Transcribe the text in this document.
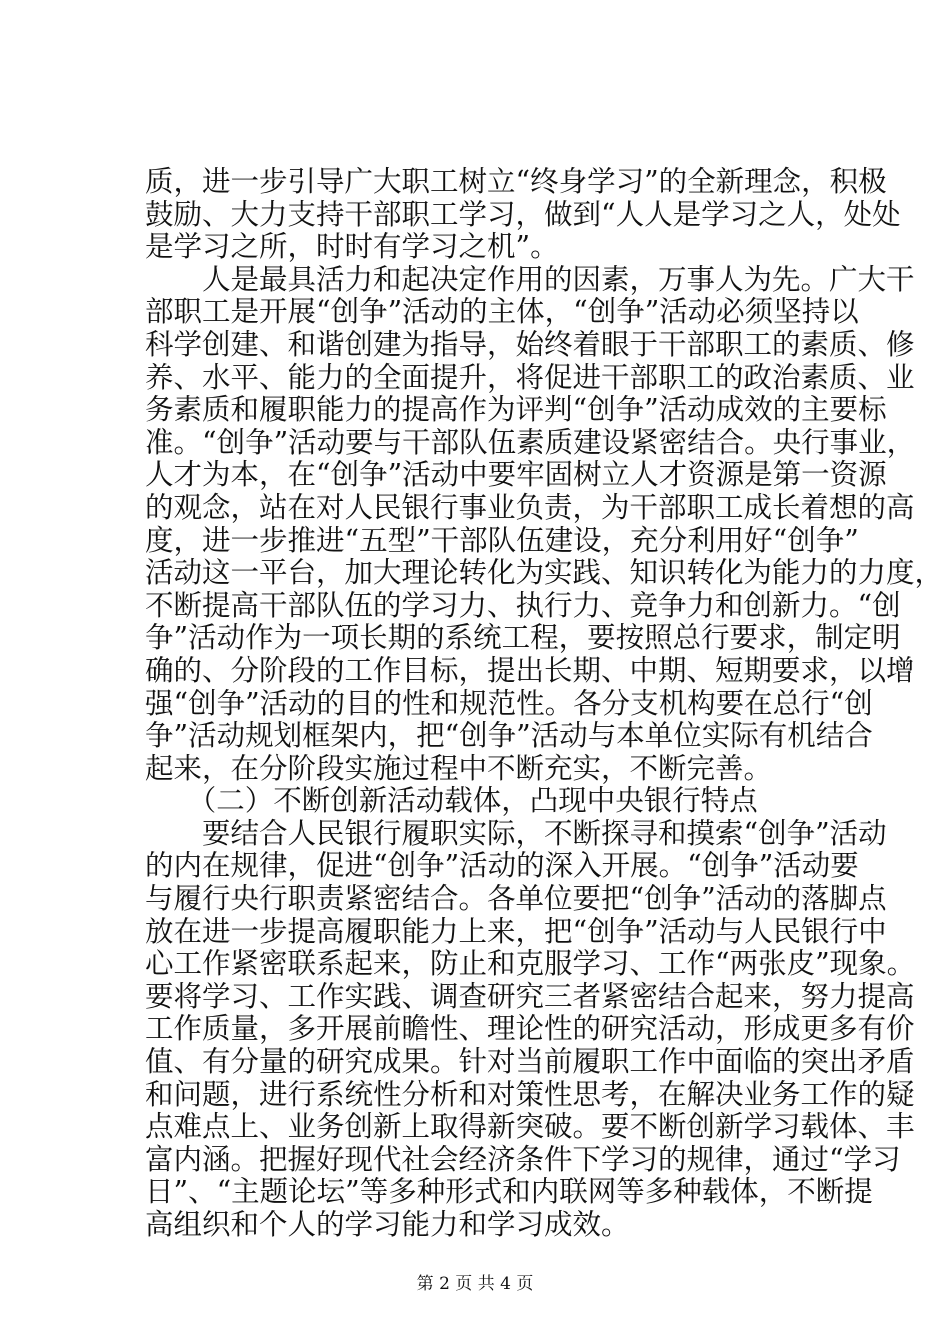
质，进一步引导广大职工树立“终身学习”的全新理念，积极
鼓励、大力支持干部职工学习，做到“人人是学习之人，处处
是学习之所，时时有学习之机”。
　　人是最具活力和起决定作用的因素，万事人为先。广大干
部职工是开展“创争”活动的主体，“创争”活动必须坚持以
科学创建、和谐创建为指导，始终着眼于干部职工的素质、修
养、水平、能力的全面提升，将促进干部职工的政治素质、业
务素质和履职能力的提高作为评判“创争”活动成效的主要标
准。“创争”活动要与干部队伍素质建设紧密结合。央行事业，
人才为本，在“创争”活动中要牢固树立人才资源是第一资源
的观念，站在对人民银行事业负责，为干部职工成长着想的高
度，进一步推进“五型”干部队伍建设，充分利用好“创争”
活动这一平台，加大理论转化为实践、知识转化为能力的力度，
不断提高干部队伍的学习力、执行力、竞争力和创新力。“创
争”活动作为一项长期的系统工程，要按照总行要求，制定明
确的、分阶段的工作目标，提出长期、中期、短期要求，以增
强“创争”活动的目的性和规范性。各分支机构要在总行“创
争”活动规划框架内，把“创争”活动与本单位实际有机结合
起来，在分阶段实施过程中不断充实，不断完善。
　　（二）不断创新活动载体，凸现中央银行特点
　　要结合人民银行履职实际，不断探寻和摸索“创争”活动
的内在规律，促进“创争”活动的深入开展。“创争”活动要
与履行央行职责紧密结合。各单位要把“创争”活动的落脚点
放在进一步提高履职能力上来，把“创争”活动与人民银行中
心工作紧密联系起来，防止和克服学习、工作“两张皮”现象。
要将学习、工作实践、调查研究三者紧密结合起来，努力提高
工作质量，多开展前瞻性、理论性的研究活动，形成更多有价
值、有分量的研究成果。针对当前履职工作中面临的突出矛盾
和问题，进行系统性分析和对策性思考，在解决业务工作的疑
点难点上、业务创新上取得新突破。要不断创新学习载体、丰
富内涵。把握好现代社会经济条件下学习的规律，通过“学习
日”、“主题论坛”等多种形式和内联网等多种载体，不断提
高组织和个人的学习能力和学习成效。
第 2 页 共 4 页
